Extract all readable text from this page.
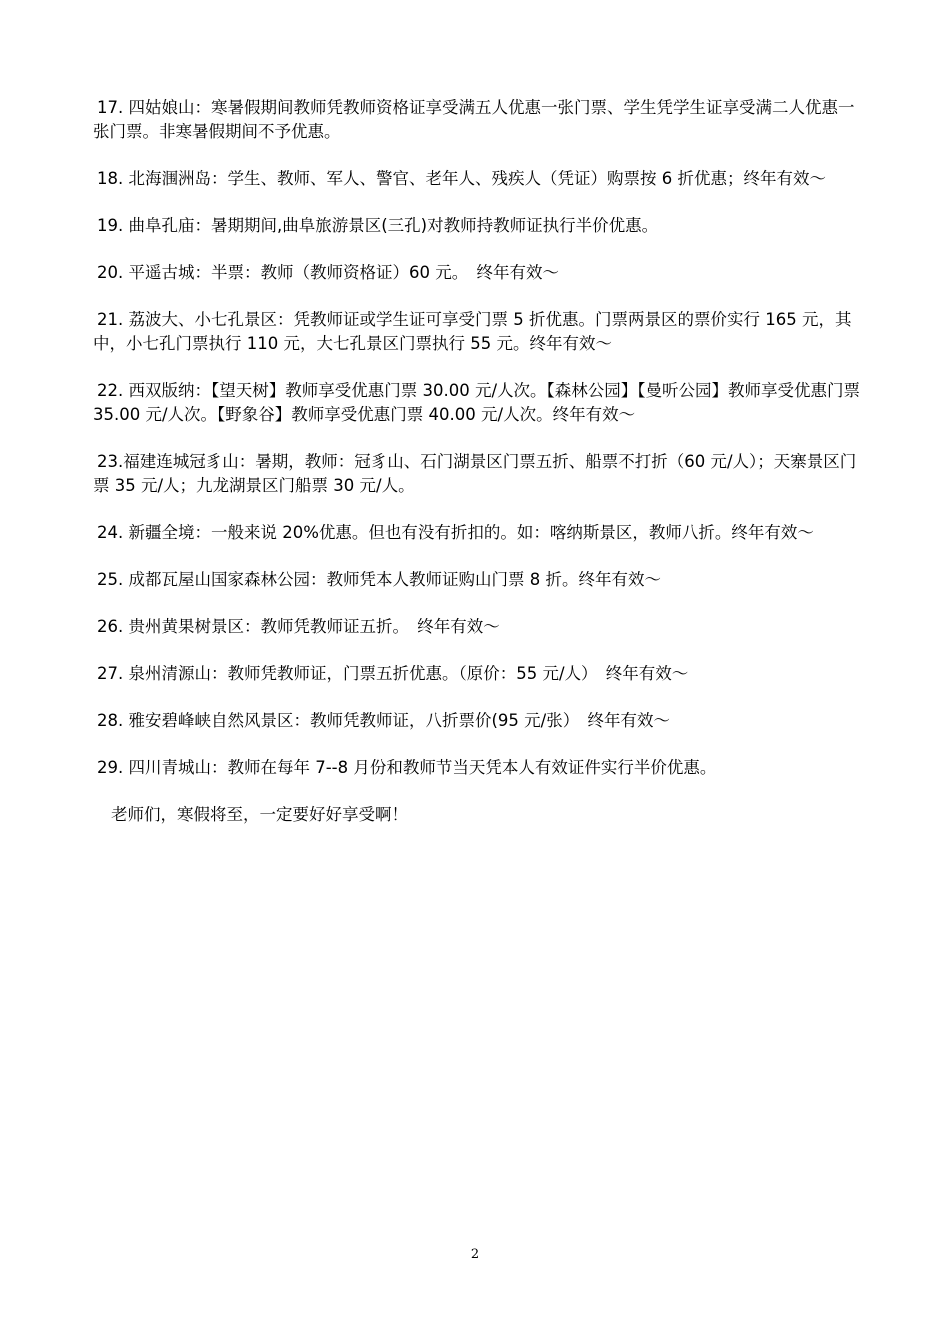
17. 四姑娘山：寒暑假期间教师凭教师资格证享受满五人优惠一张门票、学生凭学生证享受满二人优惠一张门票。非寒暑假期间不予优惠。

18. 北海涠洲岛：学生、教师、军人、警官、老年人、残疾人（凭证）购票按 6 折优惠；终年有效～

19. 曲阜孔庙：暑期期间,曲阜旅游景区(三孔)对教师持教师证执行半价优惠。

20. 平遥古城：半票：教师（教师资格证）60 元。　终年有效～

21. 荔波大、小七孔景区：凭教师证或学生证可享受门票 5 折优惠。门票两景区的票价实行 165 元，其中，小七孔门票执行 110 元，大七孔景区门票执行 55 元。终年有效～

22. 西双版纳：【望天树】教师享受优惠门票 30.00 元/人次。【森林公园】【曼听公园】教师享受优惠门票 35.00 元/人次。【野象谷】教师享受优惠门票 40.00 元/人次。终年有效～

23.福建连城冠豸山：暑期，教师：冠豸山、石门湖景区门票五折、船票不打折（60 元/人）；天寨景区门票 35 元/人；九龙湖景区门船票 30 元/人。

24. 新疆全境：一般来说 20%优惠。但也有没有折扣的。如：喀纳斯景区，教师八折。终年有效～

25. 成都瓦屋山国家森林公园：教师凭本人教师证购山门票 8 折。终年有效～

26. 贵州黄果树景区：教师凭教师证五折。　终年有效～

27. 泉州清源山：教师凭教师证，门票五折优惠。（原价：55 元/人）　终年有效～

28. 雅安碧峰峡自然风景区：教师凭教师证，八折票价(95 元/张）　终年有效～

29. 四川青城山：教师在每年 7--8 月份和教师节当天凭本人有效证件实行半价优惠。

老师们，寒假将至，一定要好好享受啊！

2
